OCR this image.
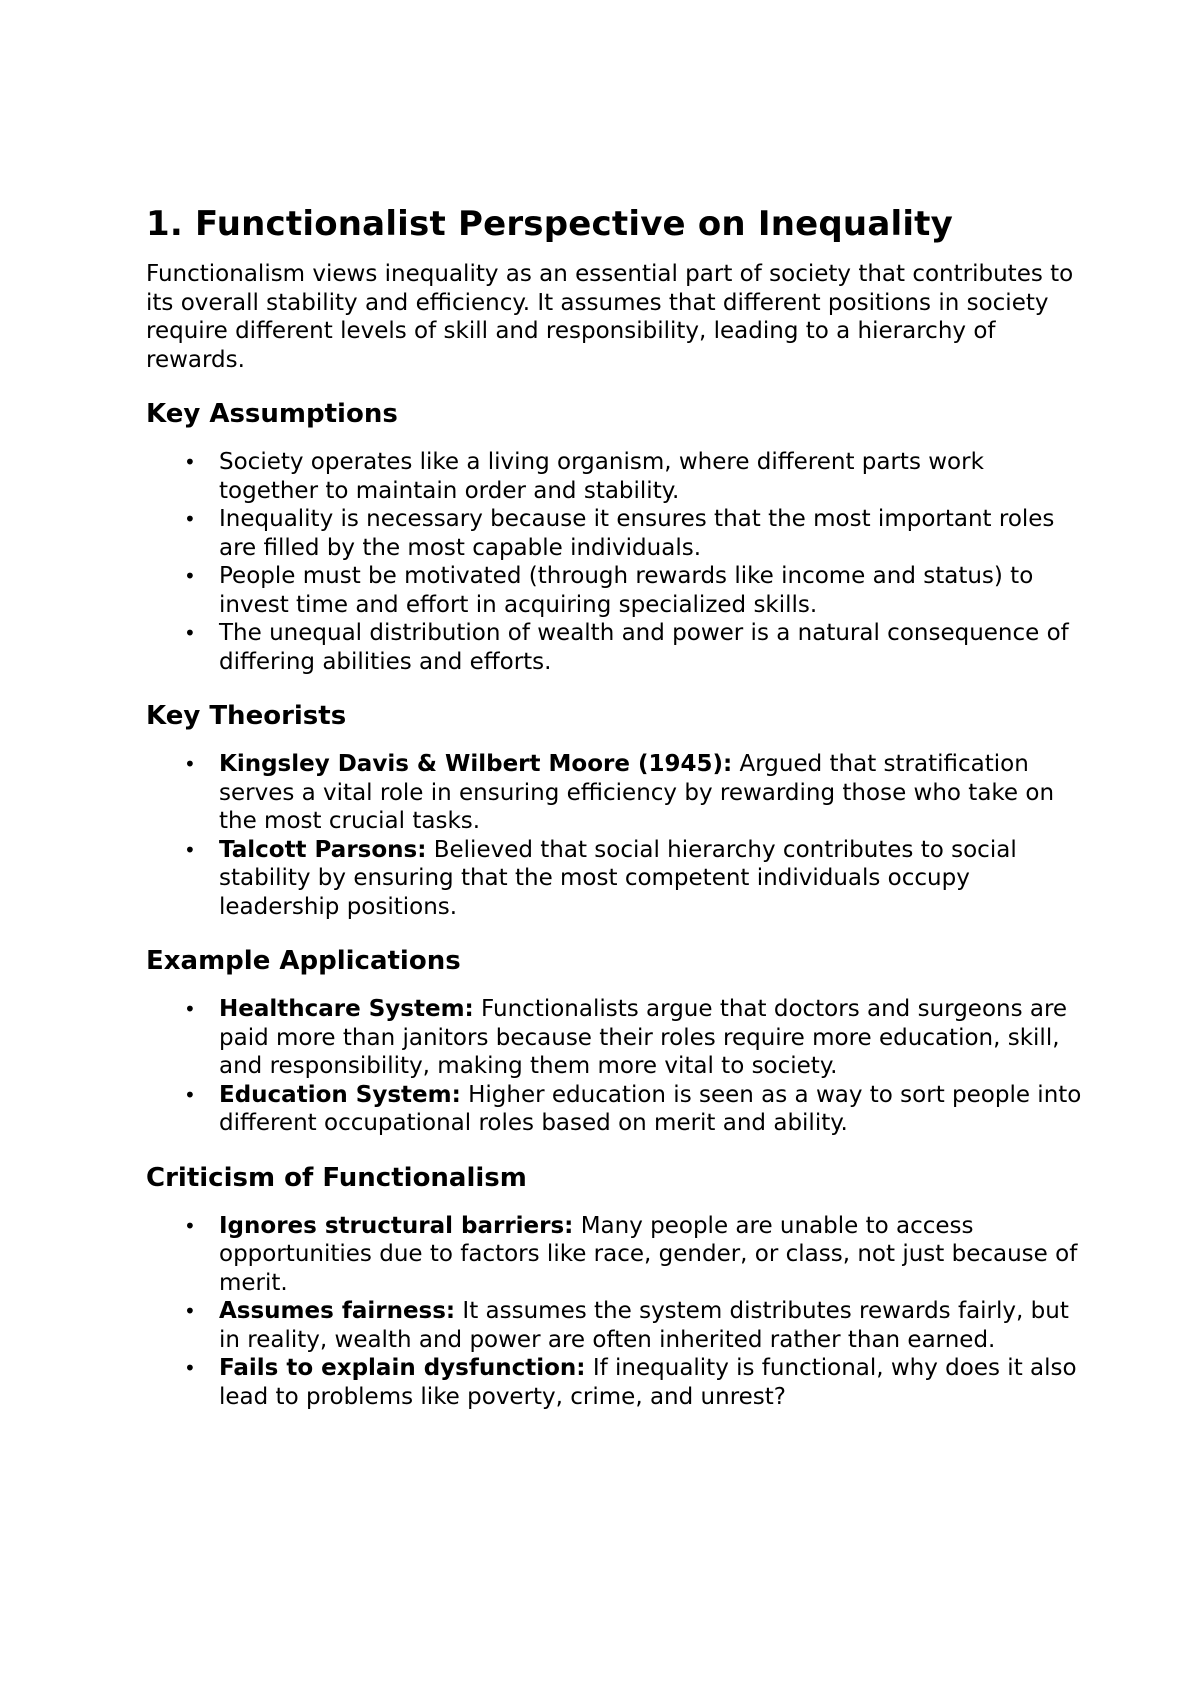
1. Functionalist Perspective on Inequality

Functionalism views inequality as an essential part of society that contributes to its overall stability and efficiency. It assumes that different positions in society require different levels of skill and responsibility, leading to a hierarchy of rewards.

Key Assumptions
• Society operates like a living organism, where different parts work together to maintain order and stability.
• Inequality is necessary because it ensures that the most important roles are filled by the most capable individuals.
• People must be motivated (through rewards like income and status) to invest time and effort in acquiring specialized skills.
• The unequal distribution of wealth and power is a natural consequence of differing abilities and efforts.
Key Theorists
• Kingsley Davis & Wilbert Moore (1945): Argued that stratification serves a vital role in ensuring efficiency by rewarding those who take on the most crucial tasks.
• Talcott Parsons: Believed that social hierarchy contributes to social stability by ensuring that the most competent individuals occupy leadership positions.
Example Applications
• Healthcare System: Functionalists argue that doctors and surgeons are paid more than janitors because their roles require more education, skill, and responsibility, making them more vital to society.
• Education System: Higher education is seen as a way to sort people into different occupational roles based on merit and ability.
Criticism of Functionalism
• Ignores structural barriers: Many people are unable to access opportunities due to factors like race, gender, or class, not just because of merit.
• Assumes fairness: It assumes the system distributes rewards fairly, but in reality, wealth and power are often inherited rather than earned.
• Fails to explain dysfunction: If inequality is functional, why does it also lead to problems like poverty, crime, and unrest?
